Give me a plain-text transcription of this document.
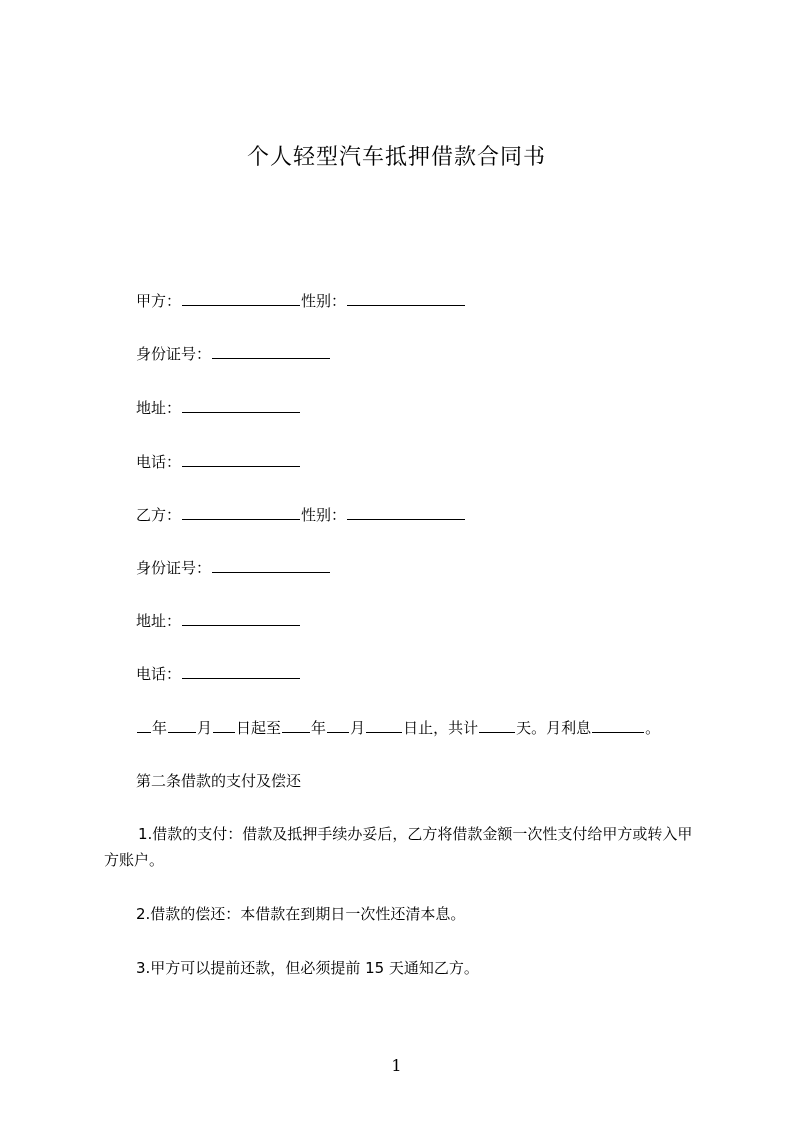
个人轻型汽车抵押借款合同书
甲方：	性别：
身份证号：
地址：
电话：
乙方：	性别：
身份证号：
地址：
电话：
年 月 日起至 年 月	日止，共计	天。月利息	。
第二条借款的支付及偿还
1.借款的支付：借款及抵押手续办妥后，乙方将借款金额一次性支付给甲方或转入甲方账户。
2.借款的偿还：本借款在到期日一次性还清本息。
3.甲方可以提前还款，但必须提前 15 天通知乙方。
1
